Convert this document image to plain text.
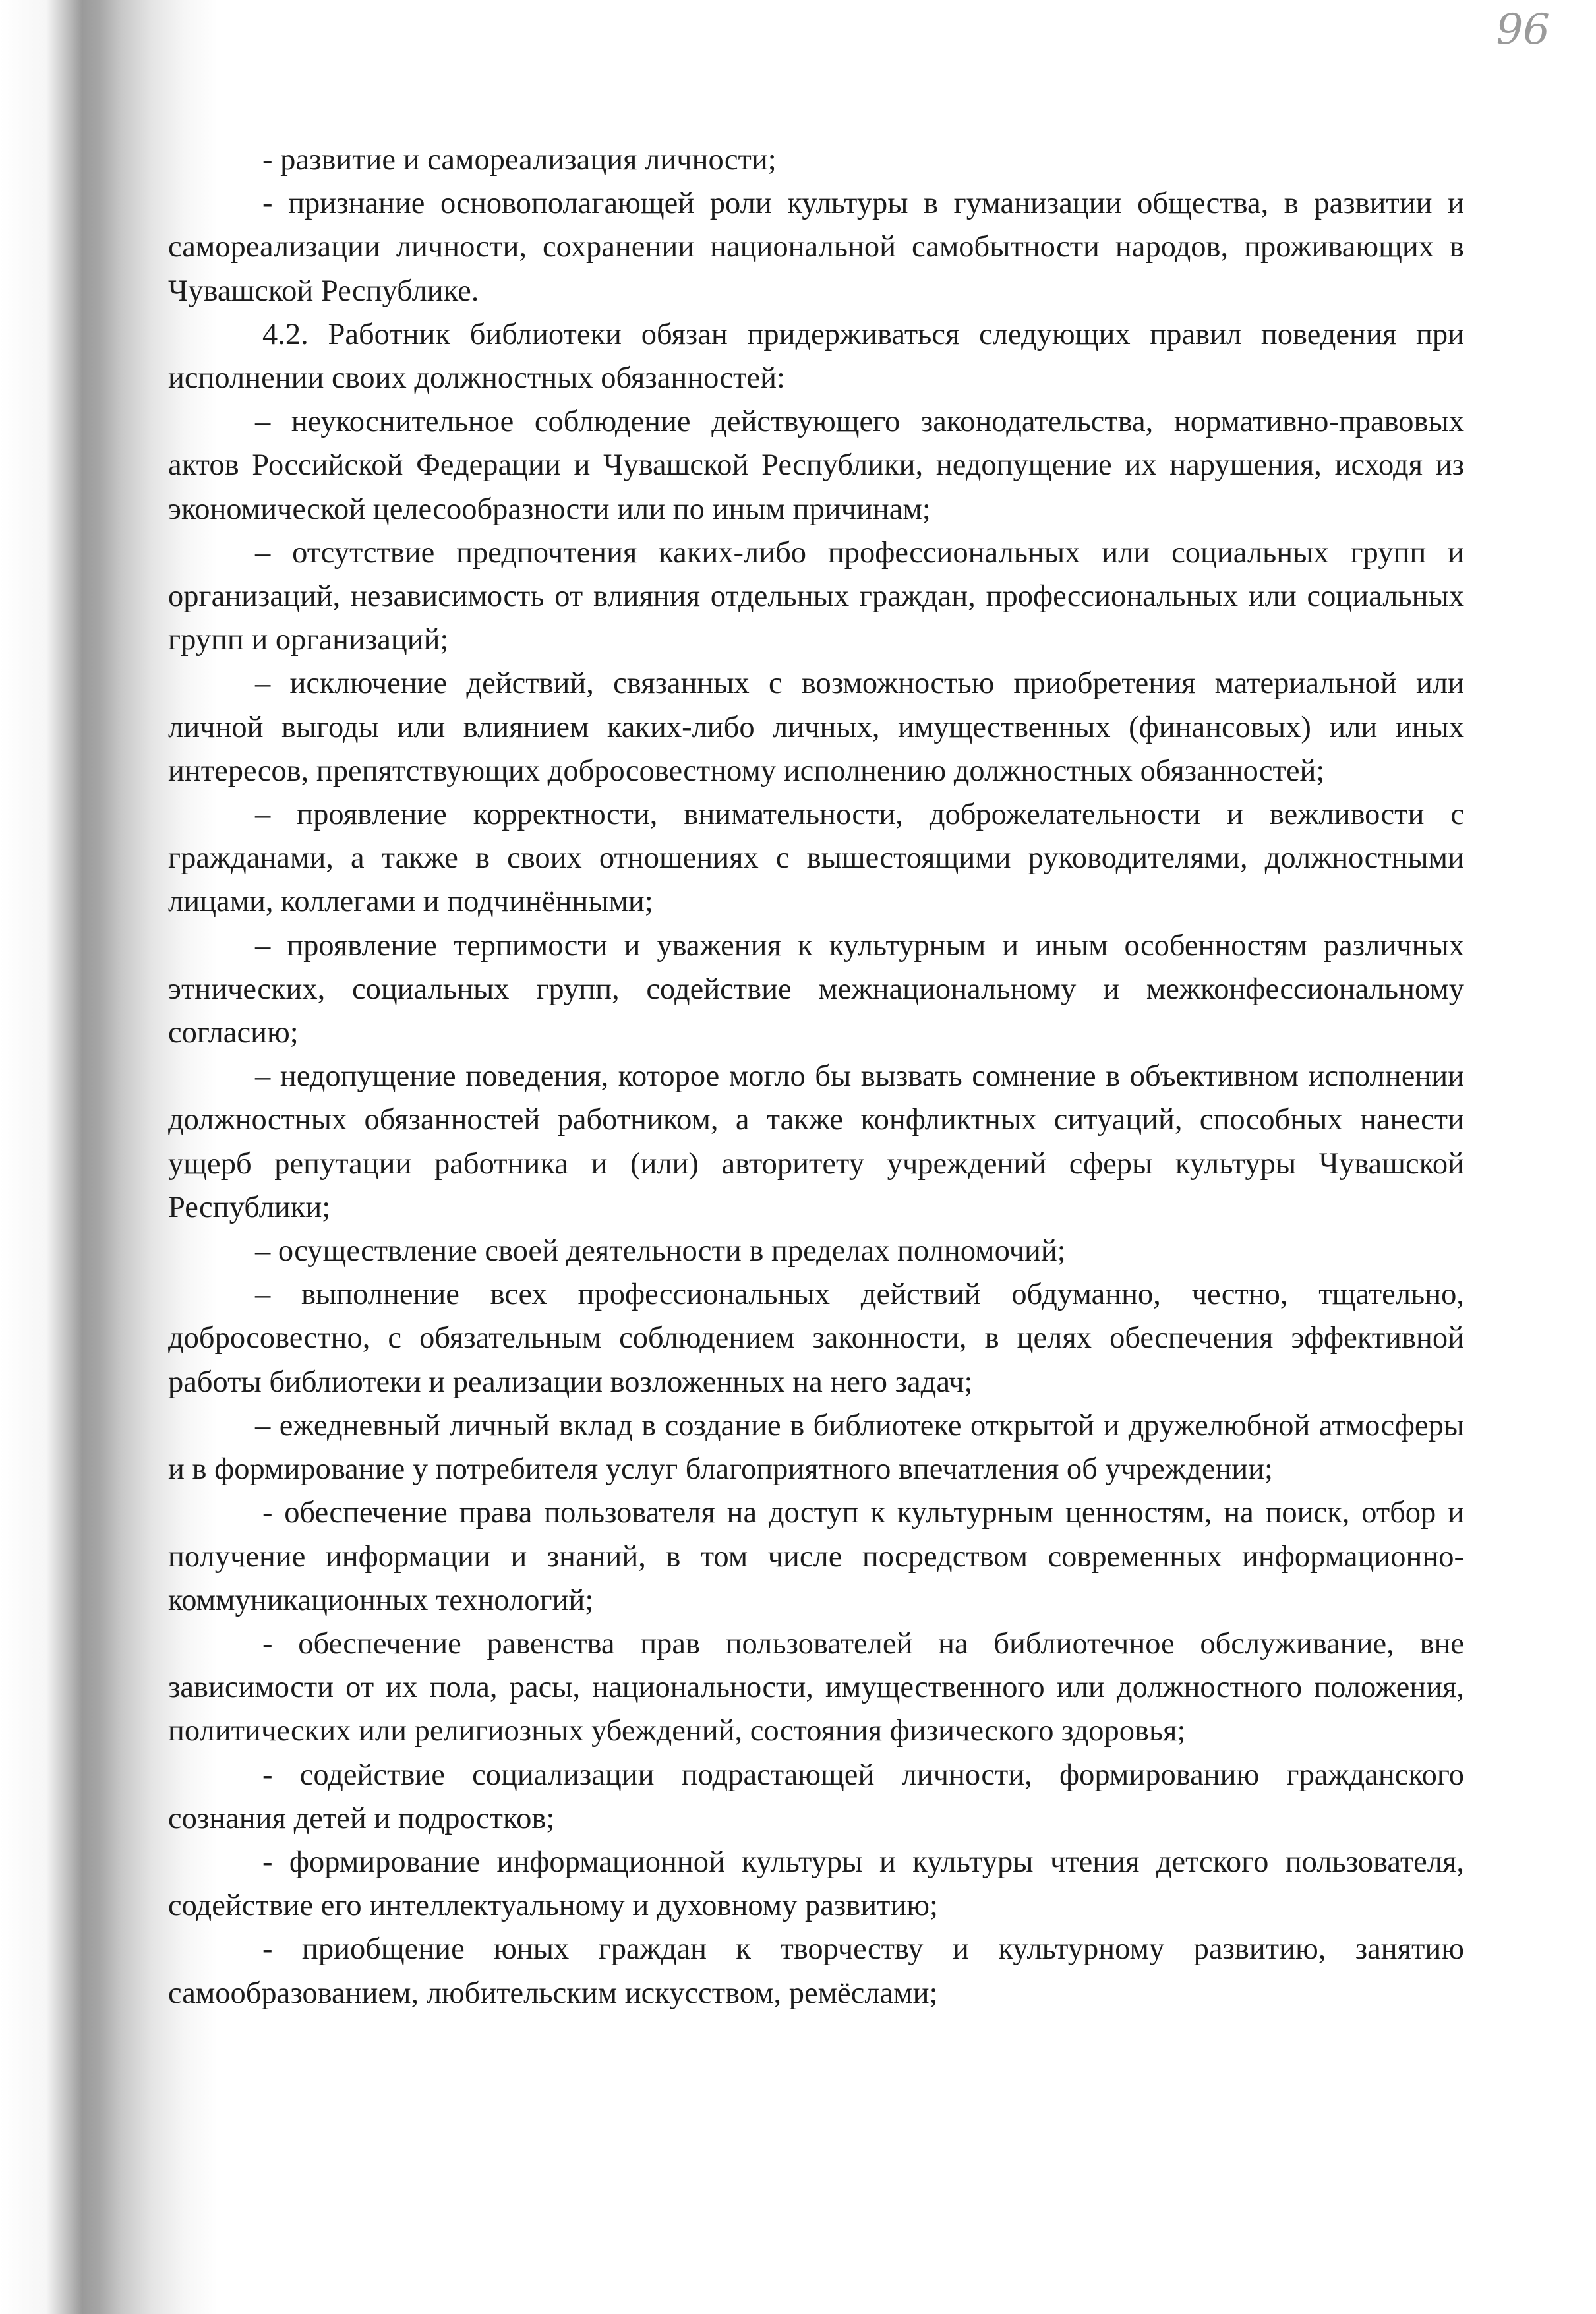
96

- развитие и самореализация личности;

- признание основополагающей роли культуры в гуманизации общества, в развитии и самореализации личности, сохранении национальной самобытности народов, проживающих в Чувашской Республике.

4.2. Работник библиотеки обязан придерживаться следующих правил поведения при исполнении своих должностных обязанностей:

– неукоснительное соблюдение действующего законодательства, нормативно-правовых актов Российской Федерации и Чувашской Республики, недопущение их нарушения, исходя из экономической целесообразности или по иным причинам;

– отсутствие предпочтения каких-либо профессиональных или социальных групп и организаций, независимость от влияния отдельных граждан, профессиональных или социальных групп и организаций;

– исключение действий, связанных с возможностью приобретения материальной или личной выгоды или влиянием каких-либо личных, имущественных (финансовых) или иных интересов, препятствующих добросовестному исполнению должностных обязанностей;

– проявление корректности, внимательности, доброжелательности и вежливости с гражданами, а также в своих отношениях с вышестоящими руководителями, должностными лицами, коллегами и подчинёнными;

– проявление терпимости и уважения к культурным и иным особенностям различных этнических, социальных групп, содействие межнациональному и межконфессиональному согласию;

– недопущение поведения, которое могло бы вызвать сомнение в объективном исполнении должностных обязанностей работником, а также конфликтных ситуаций, способных нанести ущерб репутации работника и (или) авторитету учреждений сферы культуры Чувашской Республики;

– осуществление своей деятельности в пределах полномочий;

– выполнение всех профессиональных действий обдуманно, честно, тщательно, добросовестно, с обязательным соблюдением законности, в целях обеспечения эффективной работы библиотеки и реализации возложенных на него задач;

– ежедневный личный вклад в создание в библиотеке открытой и дружелюбной атмосферы и в формирование у потребителя услуг благоприятного впечатления об учреждении;

- обеспечение права пользователя на доступ к культурным ценностям, на поиск, отбор и получение информации и знаний, в том числе посредством современных информационно-коммуникационных технологий;

- обеспечение равенства прав пользователей на библиотечное обслуживание, вне зависимости от их пола, расы, национальности, имущественного или должностного положения, политических или религиозных убеждений, состояния физического здоровья;

- содействие социализации подрастающей личности, формированию гражданского сознания детей и подростков;

- формирование информационной культуры и культуры чтения детского пользователя, содействие его интеллектуальному и духовному развитию;

- приобщение юных граждан к творчеству и культурному развитию, занятию самообразованием, любительским искусством, ремёслами;
